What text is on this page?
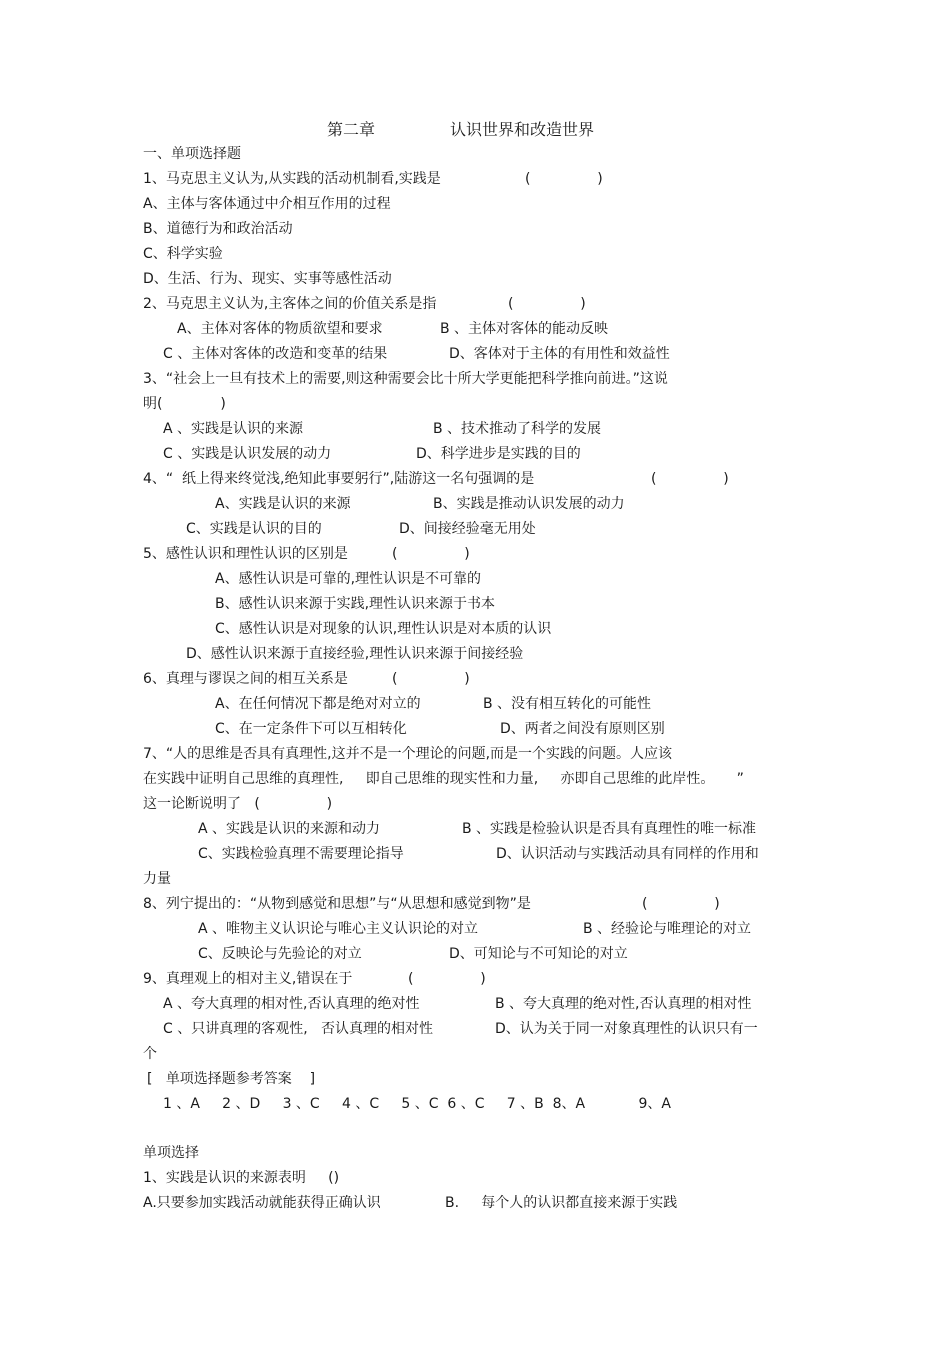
第二章	认识世界和改造世界
一、单项选择题
1、马克思主义认为,从实践的活动机制看,实践是	(               )
A、主体与客体通过中介相互作用的过程
B、道德行为和政治活动
C、科学实验
D、生活、行为、现实、实事等感性活动
2、马克思主义认为,主客体之间的价值关系是指	(               )
A、主体对客体的物质欲望和要求	B 、主体对客体的能动反映
C 、主体对客体的改造和变革的结果	D、客体对于主体的有用性和效益性
3、“社会上一旦有技术上的需要,则这种需要会比十所大学更能把科学推向前进。”这说
明(             )
A 、实践是认识的来源	B 、技术推动了科学的发展
C 、实践是认识发展的动力	D、科学进步是实践的目的
4、“  纸上得来终觉浅,绝知此事要躬行”,陆游这一名句强调的是	(               )
A、实践是认识的来源	B、实践是推动认识发展的动力
C、实践是认识的目的	D、间接经验毫无用处
5、感性认识和理性认识的区别是	(               )
A、感性认识是可靠的,理性认识是不可靠的
B、感性认识来源于实践,理性认识来源于书本
C、感性认识是对现象的认识,理性认识是对本质的认识
D、感性认识来源于直接经验,理性认识来源于间接经验
6、真理与谬误之间的相互关系是	(               )
A、在任何情况下都是绝对对立的	B 、没有相互转化的可能性
C、在一定条件下可以互相转化	D、两者之间没有原则区别
7、“人的思维是否具有真理性,这并不是一个理论的问题,而是一个实践的问题。人应该
在实践中证明自己思维的真理性,     即自己思维的现实性和力量,     亦即自己思维的此岸性。     ”
这一论断说明了   (               )
A 、实践是认识的来源和动力	B 、实践是检验认识是否具有真理性的唯一标准
C、实践检验真理不需要理论指导	D、认识活动与实践活动具有同样的作用和
力量
8、列宁提出的：“从物到感觉和思想”与“从思想和感觉到物”是	(               )
A 、唯物主义认识论与唯心主义认识论的对立	B 、经验论与唯理论的对立
C、反映论与先验论的对立	D、可知论与不可知论的对立
9、真理观上的相对主义,错误在于	(               )
A 、夸大真理的相对性,否认真理的绝对性	B 、夸大真理的绝对性,否认真理的相对性
C 、只讲真理的客观性,   否认真理的相对性	D、认为关于同一对象真理性的认识只有一
个
[   单项选择题参考答案    ]
1 、A     2 、D     3 、C     4 、C     5 、C  6 、C     7 、B  8、A            9、A
单项选择
1、实践是认识的来源表明     ()
A.只要参加实践活动就能获得正确认识	B.     每个人的认识都直接来源于实践
